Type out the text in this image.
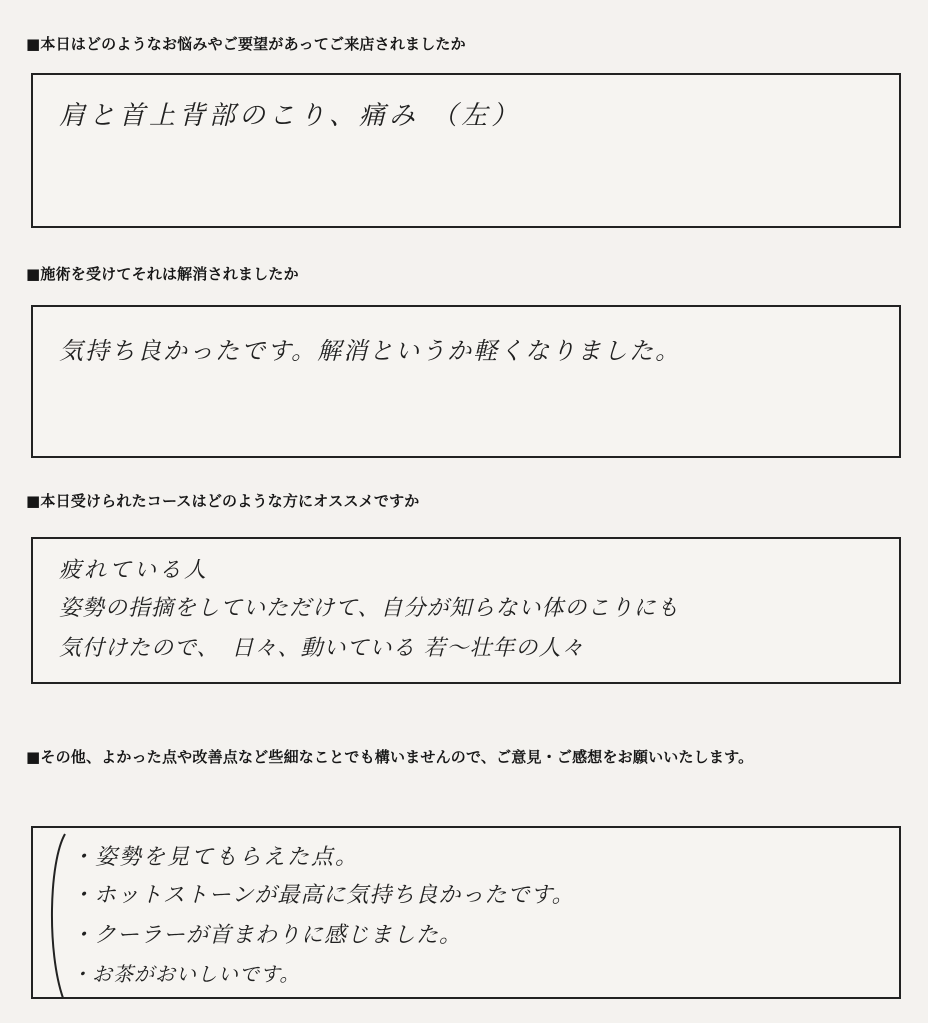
■本日はどのようなお悩みやご要望があってご来店されましたか
肩と首上背部のこり、痛み （左）
■施術を受けてそれは解消されましたか
気持ち良かったです。解消というか軽くなりました。
■本日受けられたコースはどのような方にオススメですか
疲れている人
姿勢の指摘をしていただけて、自分が知らない体のこりにも
気付けたので、　日々、動いている 若〜壮年の人々
■その他、よかった点や改善点など些細なことでも構いませんので、ご意見・ご感想をお願いいたします。
・姿勢を見てもらえた点。
・ホットストーンが最高に気持ち良かったです。
・クーラーが首まわりに感じました。
・お茶がおいしいです。
